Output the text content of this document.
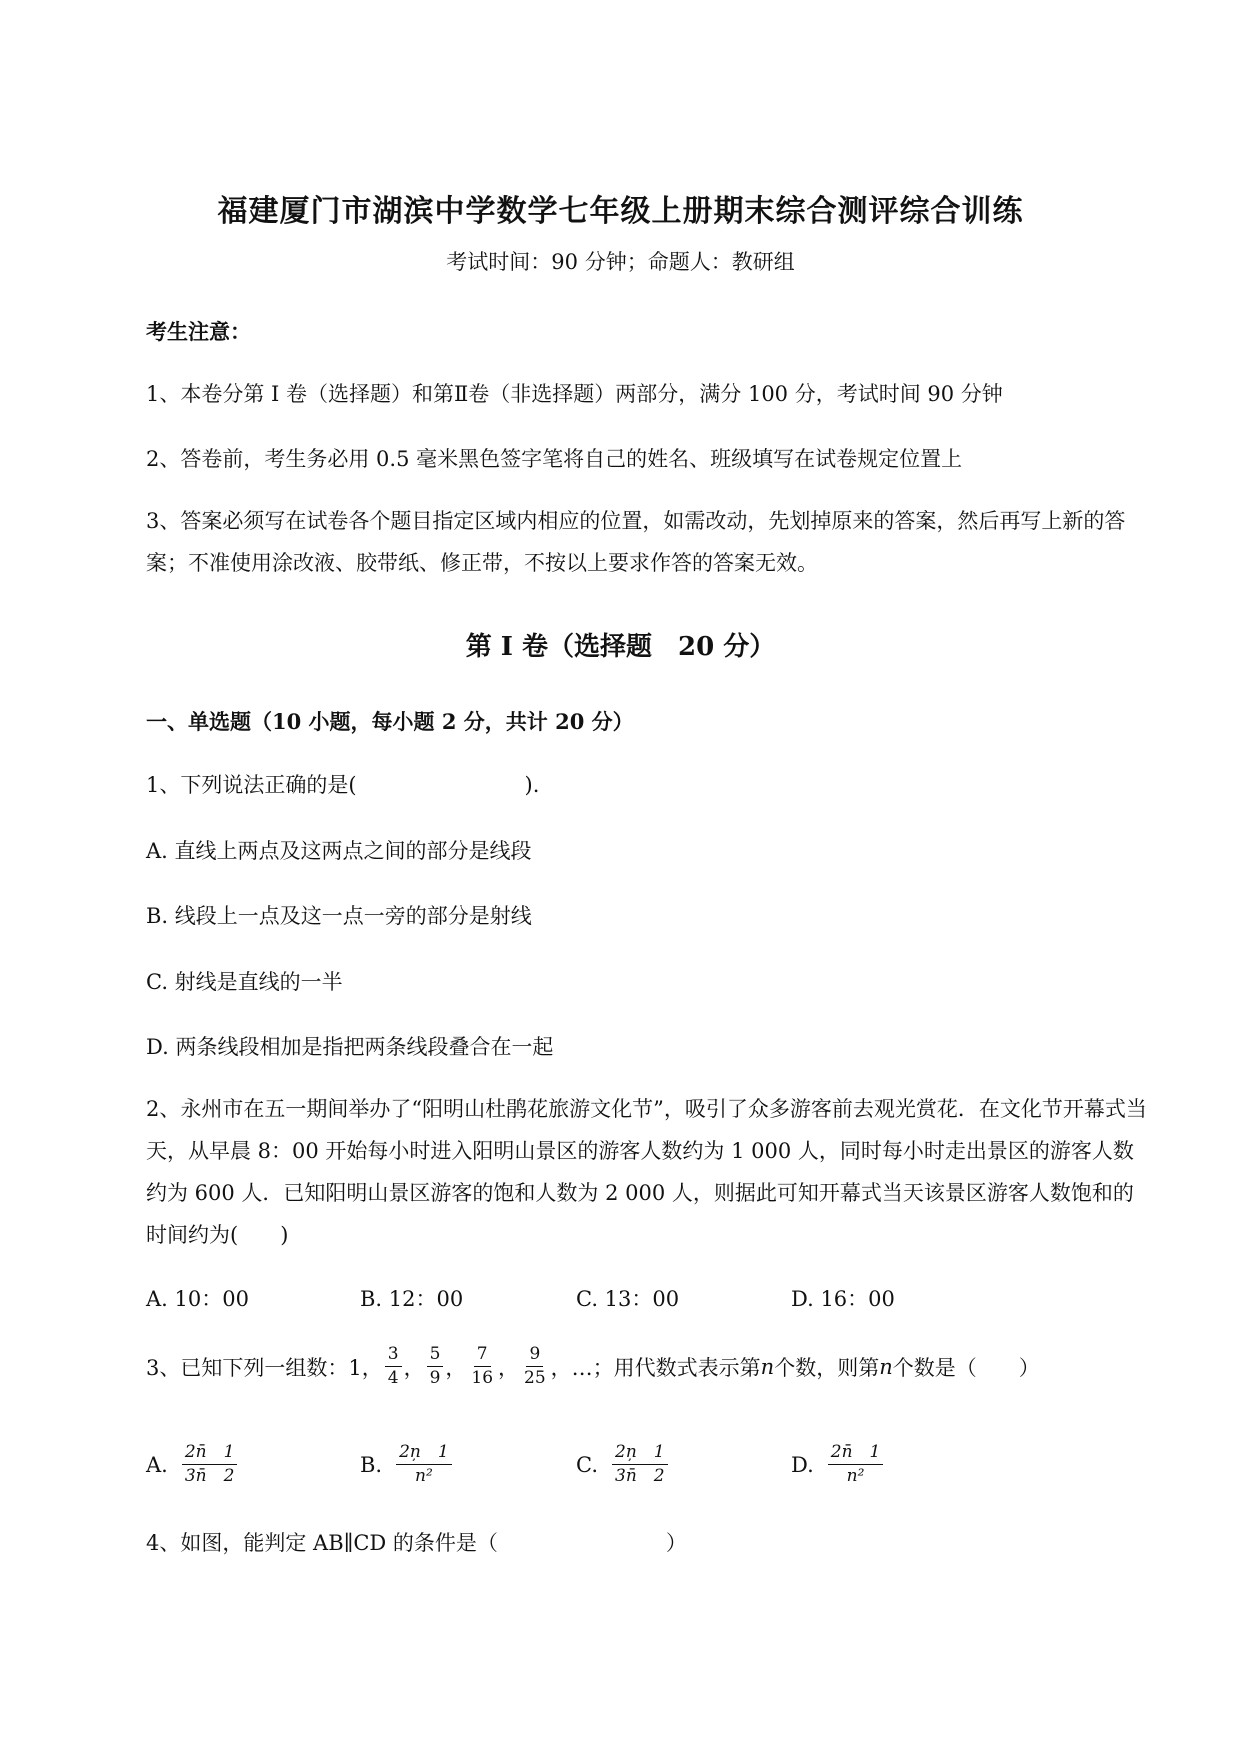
福建厦门市湖滨中学数学七年级上册期末综合测评综合训练
考试时间：90 分钟；命题人：教研组
考生注意：
1、本卷分第 I 卷（选择题）和第Ⅱ卷（非选择题）两部分，满分 100 分，考试时间 90 分钟
2、答卷前，考生务必用 0.5 毫米黑色签字笔将自己的姓名、班级填写在试卷规定位置上
3、答案必须写在试卷各个题目指定区域内相应的位置，如需改动，先划掉原来的答案，然后再写上新的答案；不准使用涂改液、胶带纸、修正带，不按以上要求作答的答案无效。
第 I 卷（选择题　20 分）
一、单选题（10 小题，每小题 2 分，共计 20 分）
1、下列说法正确的是(　　　　　　　　).
A. 直线上两点及这两点之间的部分是线段
B. 线段上一点及这一点一旁的部分是射线
C. 射线是直线的一半
D. 两条线段相加是指把两条线段叠合在一起
2、永州市在五一期间举办了“阳明山杜鹃花旅游文化节”，吸引了众多游客前去观光赏花．在文化节开幕式当天，从早晨 8：00 开始每小时进入阳明山景区的游客人数约为 1 000 人，同时每小时走出景区的游客人数约为 600 人．已知阳明山景区游客的饱和人数为 2 000 人，则据此可知开幕式当天该景区游客人数饱和的时间约为(　　)
A. 10：00	B. 12：00	C. 13：00	D. 16：00
3、已知下列一组数：1， $\frac{3}{4}$ ， $\frac{5}{9}$ ， $\frac{7}{16}$ ， $\frac{9}{25}$ ，…；用代数式表示第 n 个数，则第 n 个数是（　　）
A. $\frac{2n̄ 1}{3n̄ 2}$	B. $\frac{2n̦ 1}{\text{n²}}$	C. $\frac{2n̦ 1}{3n̄ 2}$	D. $\frac{2n̄ 1}{\text{n²}}$
4、如图，能判定 AB∥CD 的条件是（　　　　　　　　）
